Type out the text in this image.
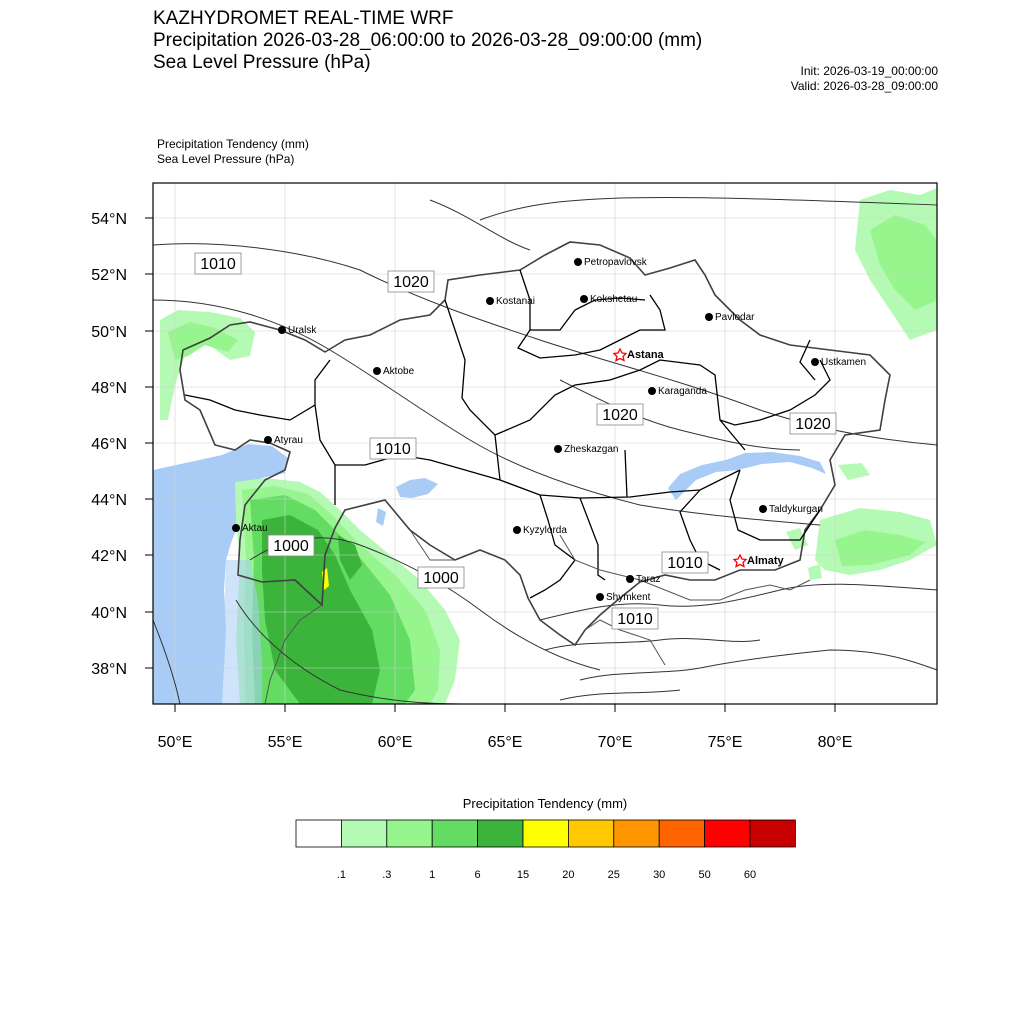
KAZHYDROMET REAL-TIME WRF
Precipitation 2026-03-28_06:00:00 to 2026-03-28_09:00:00 (mm)
Sea Level Pressure (hPa)	Init: 2026-03-19_00:00:00
Valid: 2026-03-28_09:00:00
Precipitation Tendency (mm)
Sea Level Pressure (hPa)
54°N
52°N
50°N
48°N
46°N
44°N
42°N
40°N
38°N
50°E	55°E	60°E	65°E	70°E	75°E	80°E
1010
1020
1010
1020
1020
1000
1000
1010
1010
Petropavlovsk
Kostanai	Kokshetau
Pavlodar
Uralsk
Astana
Ustkamen
Aktobe
Karaganda
Atyrau
Zheskazgan
Taldykurgan
Aktau	Kyzylorda
Almaty
Taraz
Shymkent
.1	.3	1	6	15	20	25	30	50	60
Precipitation Tendency (mm)
